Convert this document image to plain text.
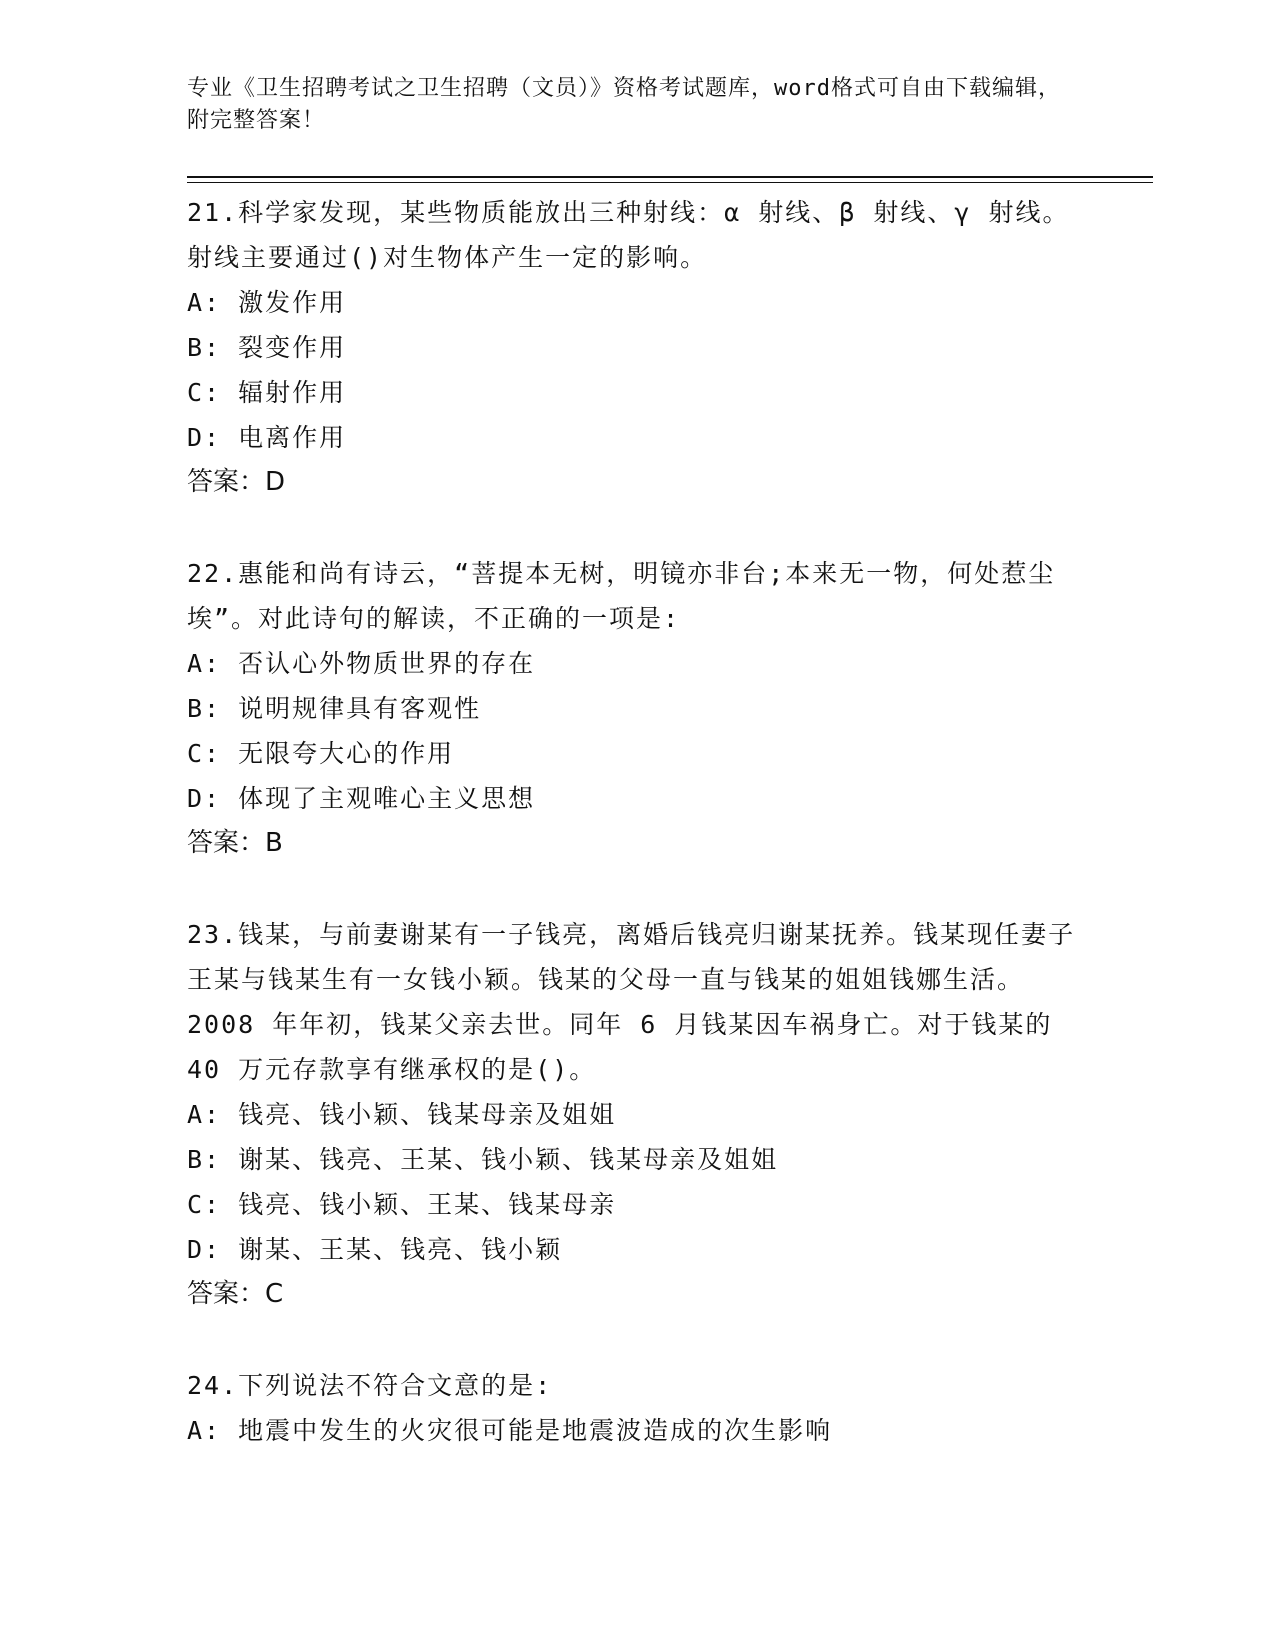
专业《卫生招聘考试之卫生招聘（文员）》资格考试题库，word格式可自由下载编辑，附完整答案！
21.科学家发现，某些物质能放出三种射线：α 射线、β 射线、γ 射线。射线主要通过()对生物体产生一定的影响。
A: 激发作用
B: 裂变作用
C: 辐射作用
D: 电离作用
答案：D
22.惠能和尚有诗云，“菩提本无树，明镜亦非台;本来无一物，何处惹尘埃”。对此诗句的解读，不正确的一项是:
A: 否认心外物质世界的存在
B: 说明规律具有客观性
C: 无限夸大心的作用
D: 体现了主观唯心主义思想
答案：B
23.钱某，与前妻谢某有一子钱亮，离婚后钱亮归谢某抚养。钱某现任妻子王某与钱某生有一女钱小颖。钱某的父母一直与钱某的姐姐钱娜生活。2008 年年初，钱某父亲去世。同年 6 月钱某因车祸身亡。对于钱某的 40 万元存款享有继承权的是()。
A: 钱亮、钱小颖、钱某母亲及姐姐
B: 谢某、钱亮、王某、钱小颖、钱某母亲及姐姐
C: 钱亮、钱小颖、王某、钱某母亲
D: 谢某、王某、钱亮、钱小颖
答案：C
24.下列说法不符合文意的是:
A: 地震中发生的火灾很可能是地震波造成的次生影响
